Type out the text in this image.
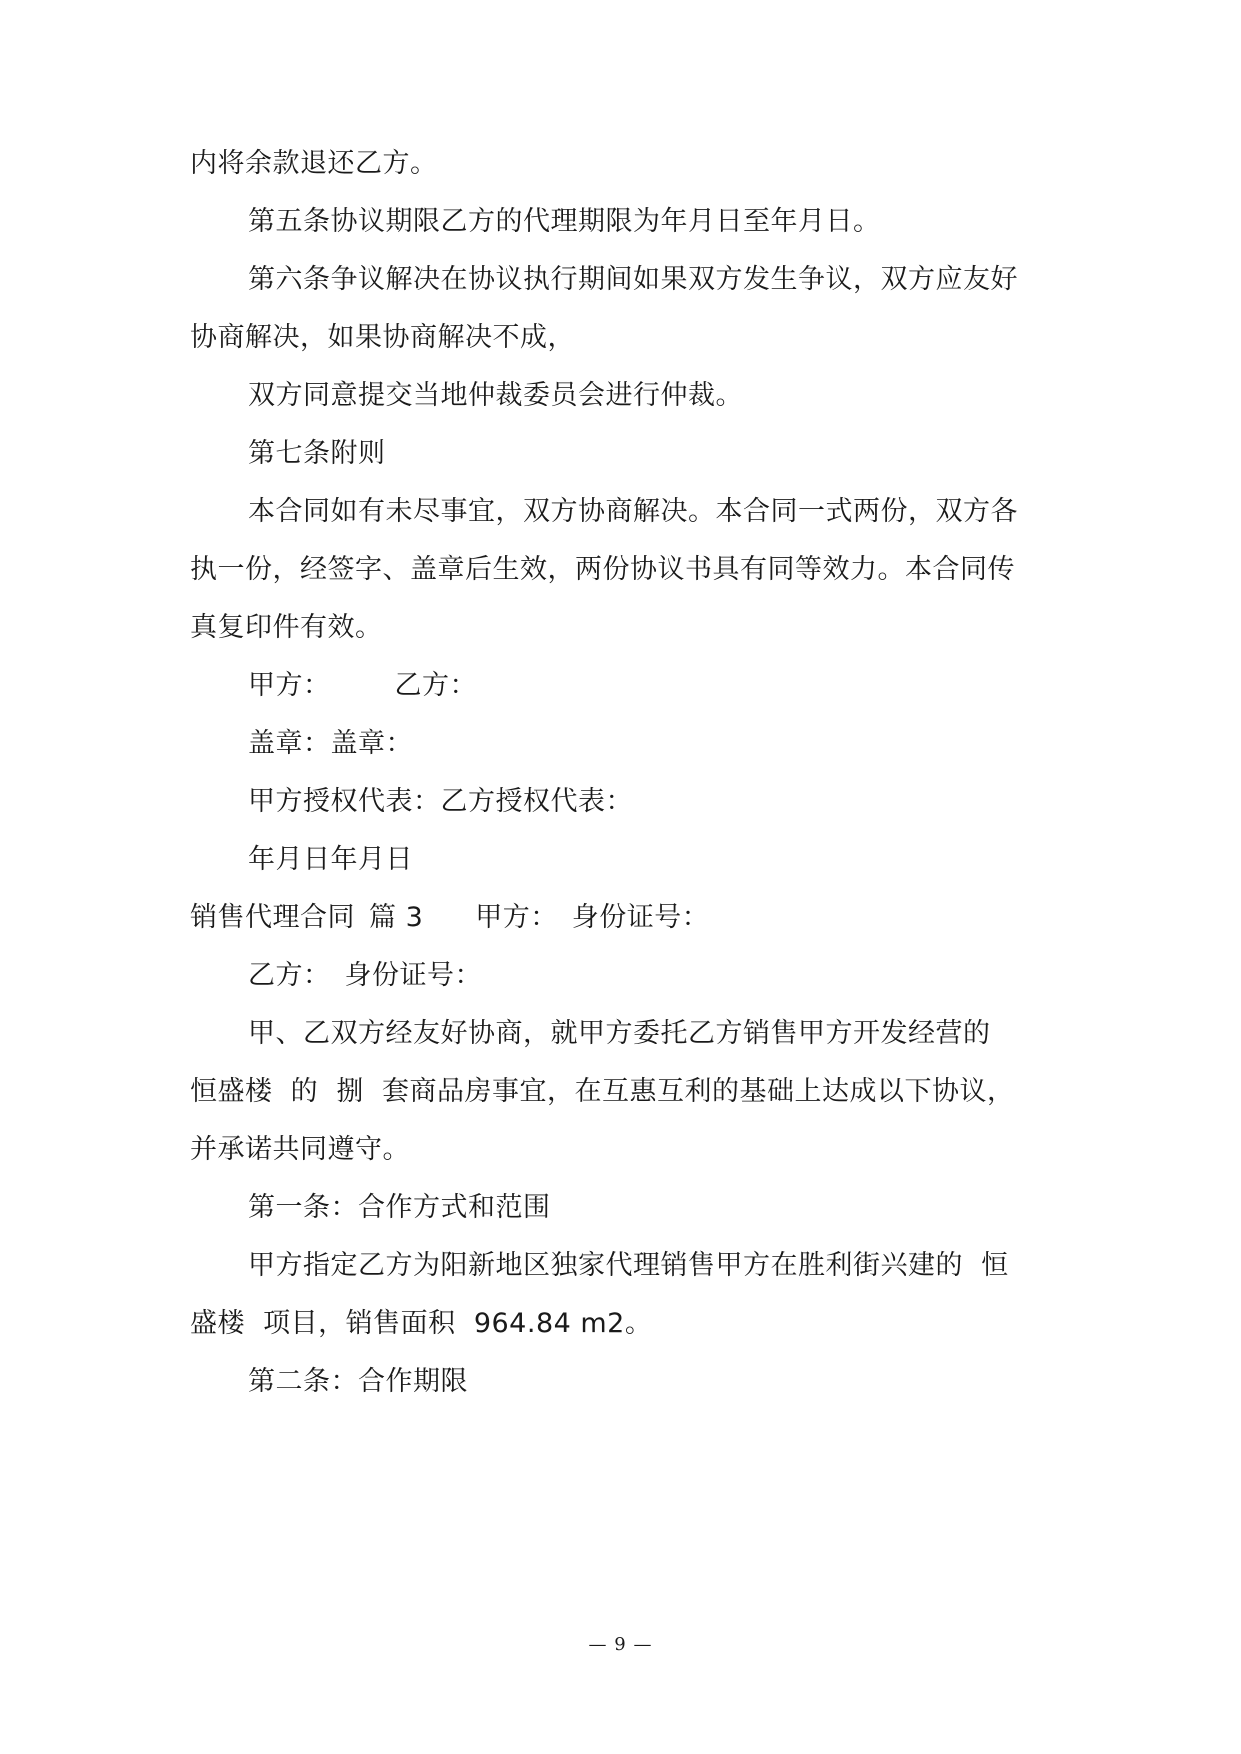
内将余款退还乙方。
第五条协议期限乙方的代理期限为年月日至年月日。
第六条争议解决在协议执行期间如果双方发生争议，双方应友好
协商解决，如果协商解决不成，
双方同意提交当地仲裁委员会进行仲裁。
第七条附则
本合同如有未尽事宜，双方协商解决。本合同一式两份，双方各
执一份，经签字、盖章后生效，两份协议书具有同等效力。本合同传
真复印件有效。
甲方： 乙方：
盖章：盖章：
甲方授权代表：乙方授权代表：
年月日年月日
销售代理合同 篇 3 甲方： 身份证号：
乙方： 身份证号：
甲、乙双方经友好协商，就甲方委托乙方销售甲方开发经营的
恒盛楼  的  捌  套商品房事宜，在互惠互利的基础上达成以下协议，
并承诺共同遵守。
第一条：合作方式和范围
甲方指定乙方为阳新地区独家代理销售甲方在胜利街兴建的  恒
盛楼  项目，销售面积  964.84 m2。
第二条：合作期限
— 9 —
